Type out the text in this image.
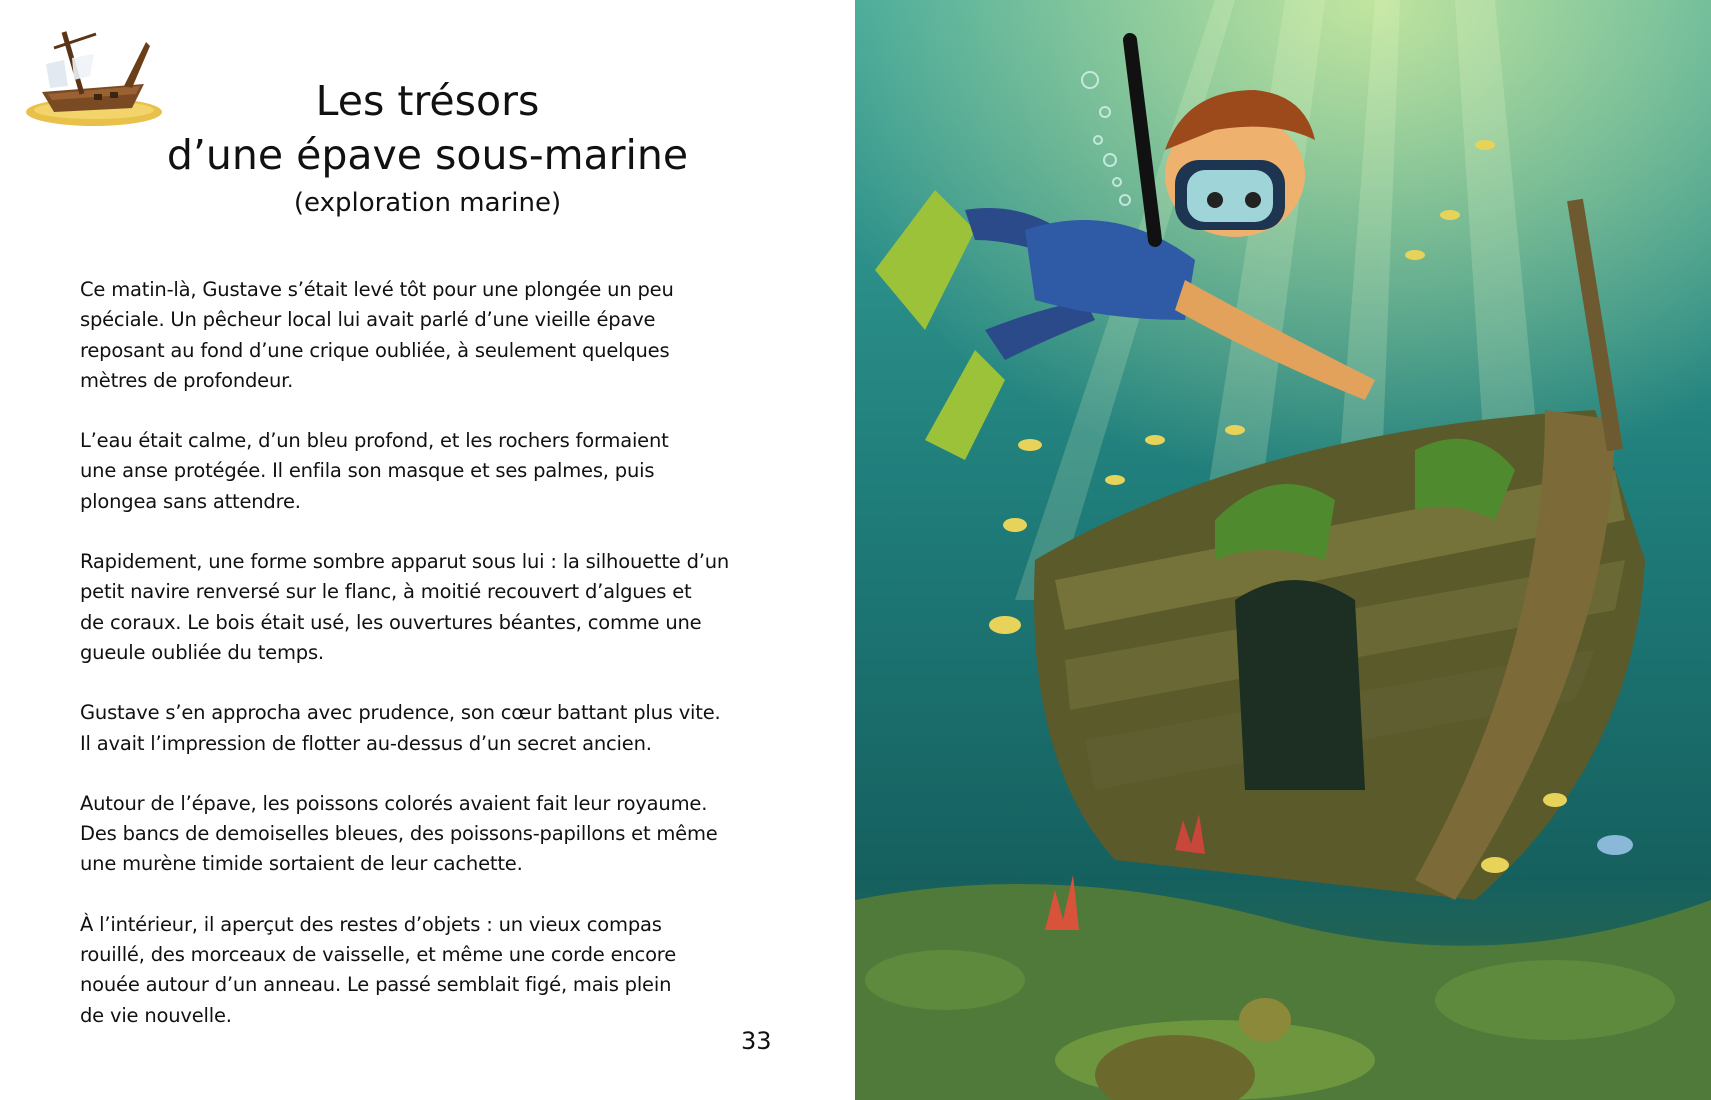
Les trésors
d’une épave sous-marine
(exploration marine)

Ce matin-là, Gustave s’était levé tôt pour une plongée un peu
spéciale. Un pêcheur local lui avait parlé d’une vieille épave
reposant au fond d’une crique oubliée, à seulement quelques
mètres de profondeur.

L’eau était calme, d’un bleu profond, et les rochers formaient
une anse protégée. Il enfila son masque et ses palmes, puis
plongea sans attendre.

Rapidement, une forme sombre apparut sous lui : la silhouette d’un
petit navire renversé sur le flanc, à moitié recouvert d’algues et
de coraux. Le bois était usé, les ouvertures béantes, comme une
gueule oubliée du temps.

Gustave s’en approcha avec prudence, son cœur battant plus vite.
Il avait l’impression de flotter au-dessus d’un secret ancien.

Autour de l’épave, les poissons colorés avaient fait leur royaume.
Des bancs de demoiselles bleues, des poissons-papillons et même
une murène timide sortaient de leur cachette.

À l’intérieur, il aperçut des restes d’objets : un vieux compas
rouillé, des morceaux de vaisselle, et même une corde encore
nouée autour d’un anneau. Le passé semblait figé, mais plein
de vie nouvelle.

33
